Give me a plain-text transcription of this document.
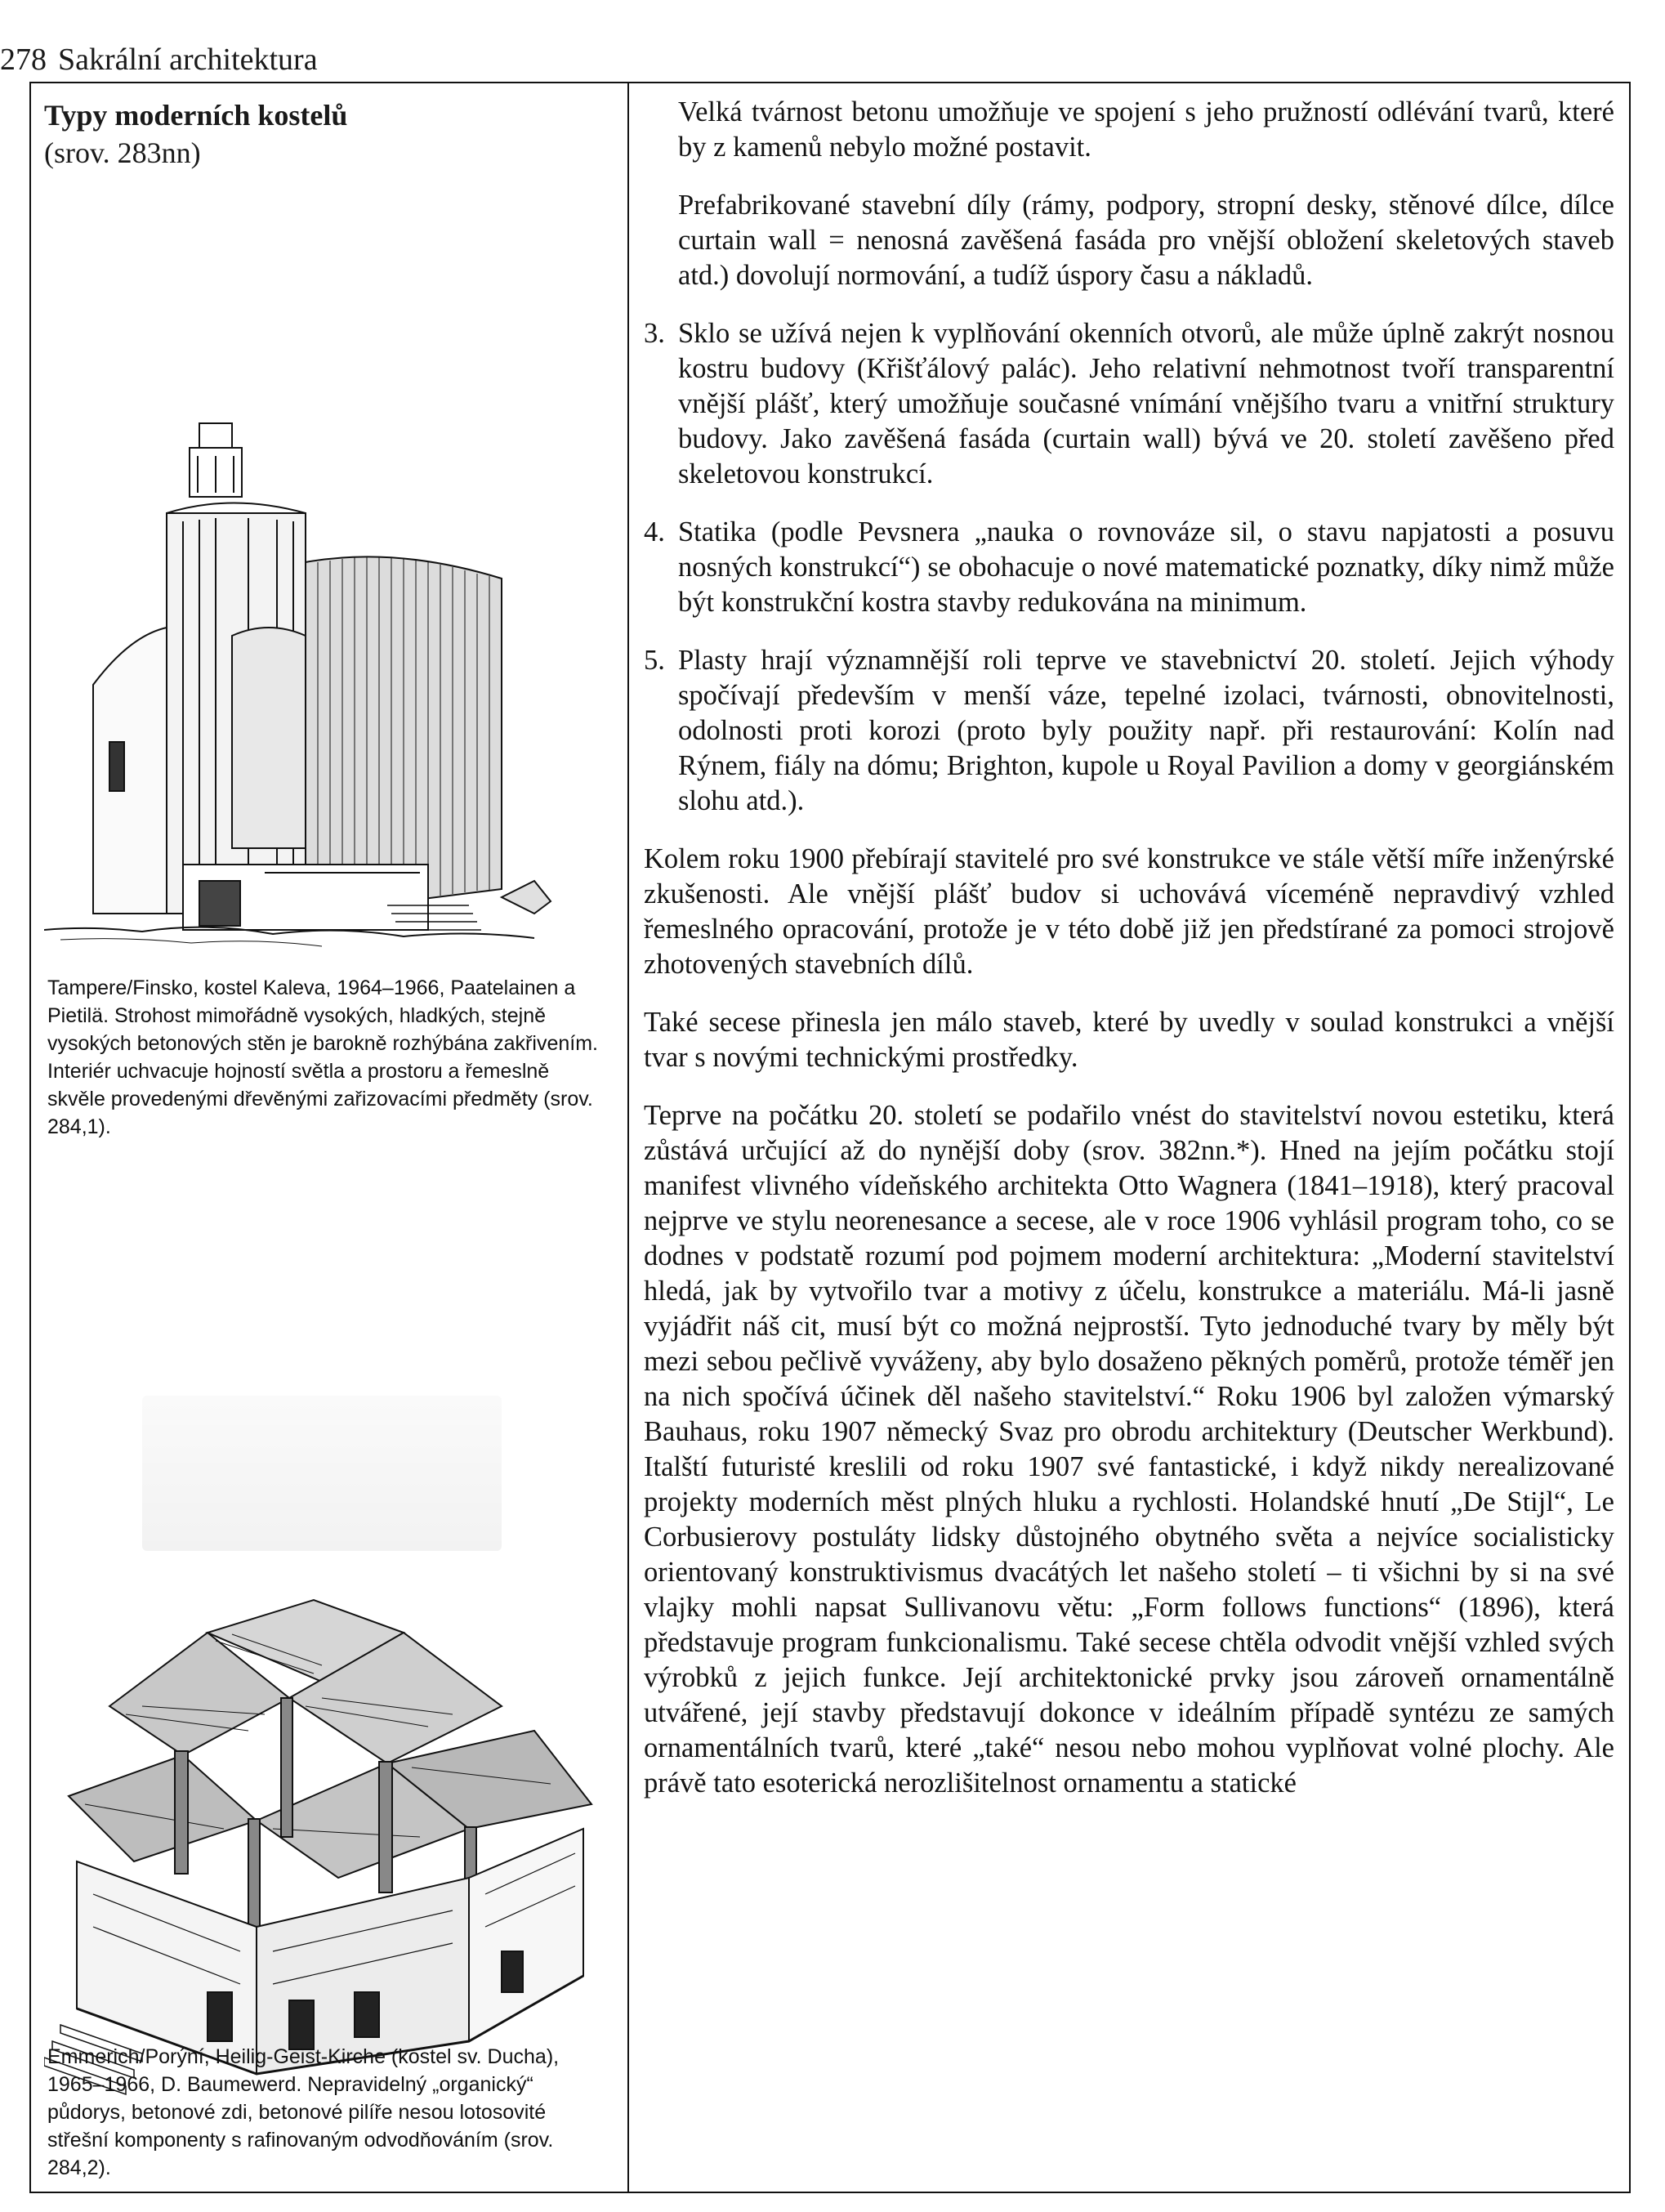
278 Sakrální architektura

Typy moderních kostelů

(srov. 283nn)

Tampere/Finsko, kostel Kaleva, 1964–1966, Paatelainen a Pietilä. Strohost mimořádně vysokých, hladkých, stejně vysokých betonových stěn je barokně rozhýbána zakřivením. Interiér uchvacuje hojností světla a prostoru a řemeslně skvěle provedenými dřevěnými zařizovacími předměty (srov. 284,1).
Emmerich/Porýní, Heilig-Geist-Kirche (kostel sv. Ducha), 1965–1966, D. Baumewerd. Nepravidelný „organický“ půdorys, betonové zdi, betonové pilíře nesou lotosovité střešní komponenty s rafinovaným odvodňováním (srov. 284,2).

Velká tvárnost betonu umožňuje ve spojení s jeho pružností odlévání tvarů, které by z kamenů nebylo možné postavit.

Prefabrikované stavební díly (rámy, podpory, stropní desky, stěnové dílce, dílce curtain wall = nenosná zavěšená fasáda pro vnější obložení skeletových staveb atd.) dovolují normování, a tudíž úspory času a nákladů.

3. Sklo se užívá nejen k vyplňování okenních otvorů, ale může úplně zakrýt nosnou kostru budovy (Křišťálový palác). Jeho relativní nehmotnost tvoří transparentní vnější plášť, který umožňuje současné vnímání vnějšího tvaru a vnitřní struktury budovy. Jako zavěšená fasáda (curtain wall) bývá ve 20. století zavěšeno před skeletovou konstrukcí.
4. Statika (podle Pevsnera „nauka o rovnováze sil, o stavu napjatosti a posuvu nosných konstrukcí“) se obohacuje o nové matematické poznatky, díky nimž může být konstrukční kostra stavby redukována na minimum.
5. Plasty hrají významnější roli teprve ve stavebnictví 20. století. Jejich výhody spočívají především v menší váze, tepelné izolaci, tvárnosti, obnovitelnosti, odolnosti proti korozi (proto byly použity např. při restaurování: Kolín nad Rýnem, fiály na dómu; Brighton, kupole u Royal Pavilion a domy v georgiánském slohu atd.).

Kolem roku 1900 přebírají stavitelé pro své konstrukce ve stále větší míře inženýrské zkušenosti. Ale vnější plášť budov si uchovává víceméně nepravdivý vzhled řemeslného opracování, protože je v této době již jen předstírané za pomoci strojově zhotovených stavebních dílů.

Také secese přinesla jen málo staveb, které by uvedly v soulad konstrukci a vnější tvar s novými technickými prostředky.

Teprve na počátku 20. století se podařilo vnést do stavitelství novou estetiku, která zůstává určující až do nynější doby (srov. 382nn.*). Hned na jejím počátku stojí manifest vlivného vídeňského architekta Otto Wagnera (1841–1918), který pracoval nejprve ve stylu neorenesance a secese, ale v roce 1906 vyhlásil program toho, co se dodnes v podstatě rozumí pod pojmem moderní architektura: „Moderní stavitelství hledá, jak by vytvořilo tvar a motivy z účelu, konstrukce a materiálu. Má-li jasně vyjádřit náš cit, musí být co možná nejprostší. Tyto jednoduché tvary by měly být mezi sebou pečlivě vyváženy, aby bylo dosaženo pěkných poměrů, protože téměř jen na nich spočívá účinek děl našeho stavitelství.“ Roku 1906 byl založen výmarský Bauhaus, roku 1907 německý Svaz pro obrodu architektury (Deutscher Werkbund). Italští futuristé kreslili od roku 1907 své fantastické, i když nikdy nerealizované projekty moderních měst plných hluku a rychlosti. Holandské hnutí „De Stijl“, Le Corbusierovy postuláty lidsky důstojného obytného světa a nejvíce socialisticky orientovaný konstruktivismus dvacátých let našeho století – ti všichni by si na své vlajky mohli napsat Sullivanovu větu: „Form follows functions“ (1896), která představuje program funkcionalismu. Také secese chtěla odvodit vnější vzhled svých výrobků z jejich funkce. Její architektonické prvky jsou zároveň ornamentálně utvářené, její stavby představují dokonce v ideálním případě syntézu ze samých ornamentálních tvarů, které „také“ nesou nebo mohou vyplňovat volné plochy. Ale právě tato esoterická nerozlišitelnost ornamentu a statické
